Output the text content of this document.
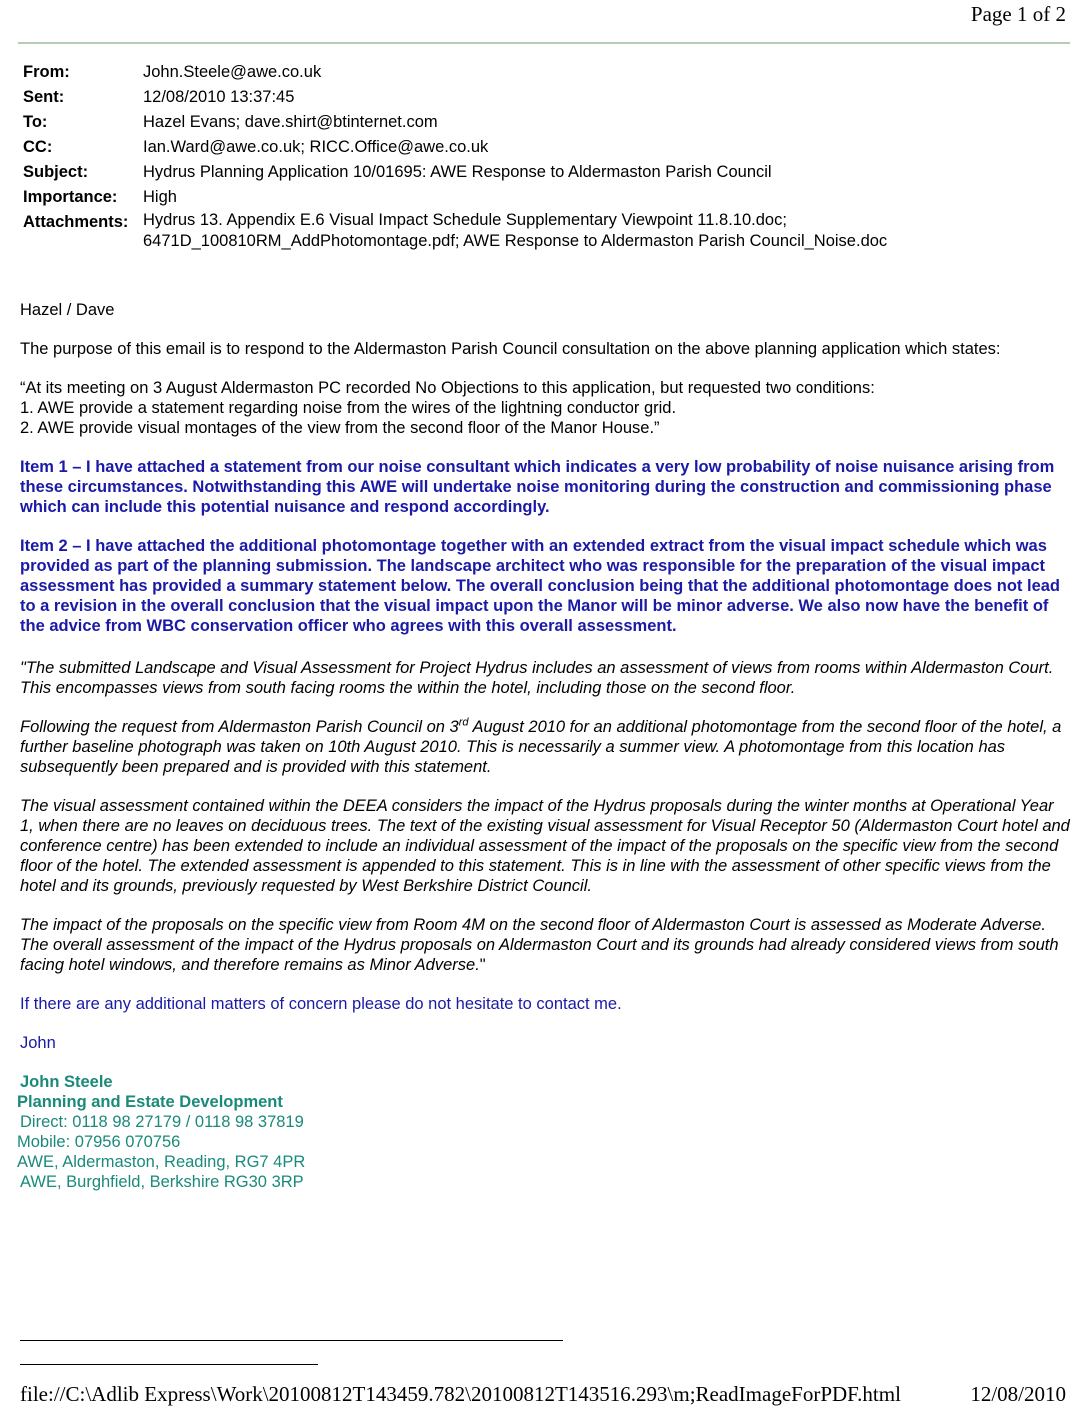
Page 1 of 2
From:	John.Steele@awe.co.uk
Sent:	12/08/2010 13:37:45
To:	Hazel Evans; dave.shirt@btinternet.com
CC:	Ian.Ward@awe.co.uk; RICC.Office@awe.co.uk
Subject:	Hydrus Planning Application 10/01695: AWE Response to Aldermaston Parish Council
Importance:	High
Attachments:	Hydrus 13. Appendix E.6 Visual Impact Schedule Supplementary Viewpoint 11.8.10.doc;
6471D_100810RM_AddPhotomontage.pdf; AWE Response to Aldermaston Parish Council_Noise.doc

Hazel / Dave

The purpose of this email is to respond to the Aldermaston Parish Council consultation on the above planning application which states:

“At its meeting on 3 August Aldermaston PC recorded No Objections to this application, but requested two conditions:
1. AWE provide a statement regarding noise from the wires of the lightning conductor grid.
2. AWE provide visual montages of the view from the second floor of the Manor House.”

Item 1 – I have attached a statement from our noise consultant which indicates a very low probability of noise nuisance arising from these circumstances. Notwithstanding this AWE will undertake noise monitoring during the construction and commissioning phase which can include this potential nuisance and respond accordingly.

Item 2 – I have attached the additional photomontage together with an extended extract from the visual impact schedule which was provided as part of the planning submission. The landscape architect who was responsible for the preparation of the visual impact assessment has provided a summary statement below. The overall conclusion being that the additional photomontage does not lead to a revision in the overall conclusion that the visual impact upon the Manor will be minor adverse. We also now have the benefit of the advice from WBC conservation officer who agrees with this overall assessment.

"The submitted Landscape and Visual Assessment for Project Hydrus includes an assessment of views from rooms within Aldermaston Court. This encompasses views from south facing rooms the within the hotel, including those on the second floor.

Following the request from Aldermaston Parish Council on 3rd August 2010 for an additional photomontage from the second floor of the hotel, a further baseline photograph was taken on 10th August 2010. This is necessarily a summer view. A photomontage from this location has subsequently been prepared and is provided with this statement.

The visual assessment contained within the DEEA considers the impact of the Hydrus proposals during the winter months at Operational Year 1, when there are no leaves on deciduous trees. The text of the existing visual assessment for Visual Receptor 50 (Aldermaston Court hotel and conference centre) has been extended to include an individual assessment of the impact of the proposals on the specific view from the second floor of the hotel. The extended assessment is appended to this statement. This is in line with the assessment of other specific views from the hotel and its grounds, previously requested by West Berkshire District Council.

The impact of the proposals on the specific view from Room 4M on the second floor of Aldermaston Court is assessed as Moderate Adverse. The overall assessment of the impact of the Hydrus proposals on Aldermaston Court and its grounds had already considered views from south facing hotel windows, and therefore remains as Minor Adverse."

If there are any additional matters of concern please do not hesitate to contact me.

John

John Steele
Planning and Estate Development
Direct: 0118 98 27179 / 0118 98 37819
Mobile: 07956 070756
AWE, Aldermaston, Reading, RG7 4PR
AWE, Burghfield, Berkshire RG30 3RP
file://C:\Adlib Express\Work\20100812T143459.782\20100812T143516.293\m;ReadImageForPDF.html	12/08/2010
